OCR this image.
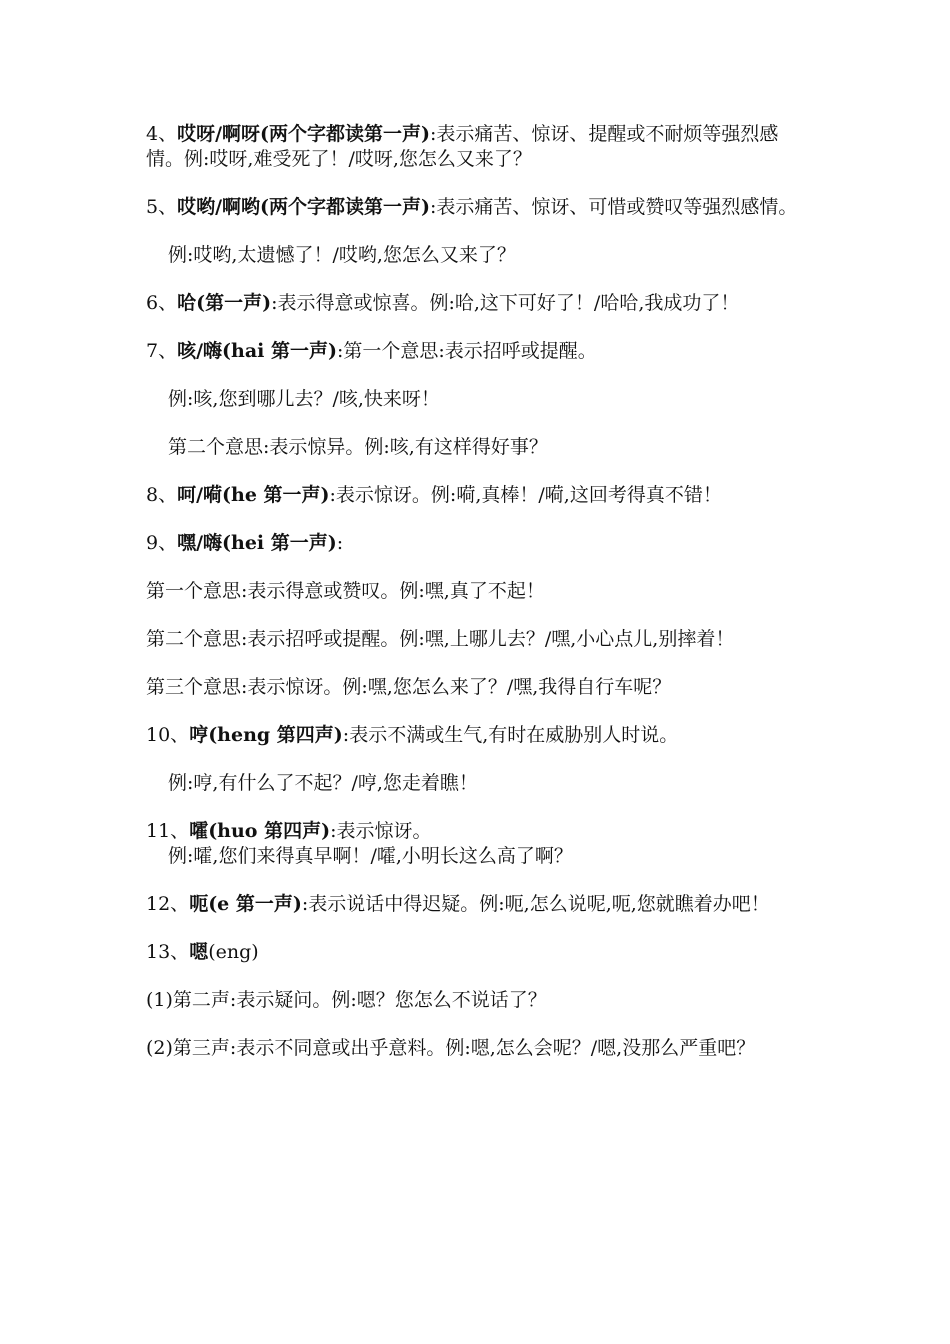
4、哎呀/啊呀(两个字都读第一声):表示痛苦、惊讶、提醒或不耐烦等强烈感情。例:哎呀,难受死了！/哎呀,您怎么又来了？

5、哎哟/啊哟(两个字都读第一声):表示痛苦、惊讶、可惜或赞叹等强烈感情。

例:哎哟,太遗憾了！/哎哟,您怎么又来了？

6、哈(第一声):表示得意或惊喜。例:哈,这下可好了！/哈哈,我成功了！

7、咳/嗨(hai 第一声):第一个意思:表示招呼或提醒。

例:咳,您到哪儿去？/咳,快来呀！

第二个意思:表示惊异。例:咳,有这样得好事？

8、呵/嗬(he 第一声):表示惊讶。例:嗬,真棒！/嗬,这回考得真不错！

9、嘿/嗨(hei 第一声):

第一个意思:表示得意或赞叹。例:嘿,真了不起！

第二个意思:表示招呼或提醒。例:嘿,上哪儿去？/嘿,小心点儿,别摔着！

第三个意思:表示惊讶。例:嘿,您怎么来了？/嘿,我得自行车呢？

10、哼(heng 第四声):表示不满或生气,有时在威胁别人时说。

例:哼,有什么了不起？/哼,您走着瞧！

11、嚯(huo 第四声):表示惊讶。

例:嚯,您们来得真早啊！/嚯,小明长这么高了啊？

12、呃(e 第一声):表示说话中得迟疑。例:呃,怎么说呢,呃,您就瞧着办吧！

13、嗯(eng)

(1)第二声:表示疑问。例:嗯？您怎么不说话了？

(2)第三声:表示不同意或出乎意料。例:嗯,怎么会呢？/嗯,没那么严重吧？
